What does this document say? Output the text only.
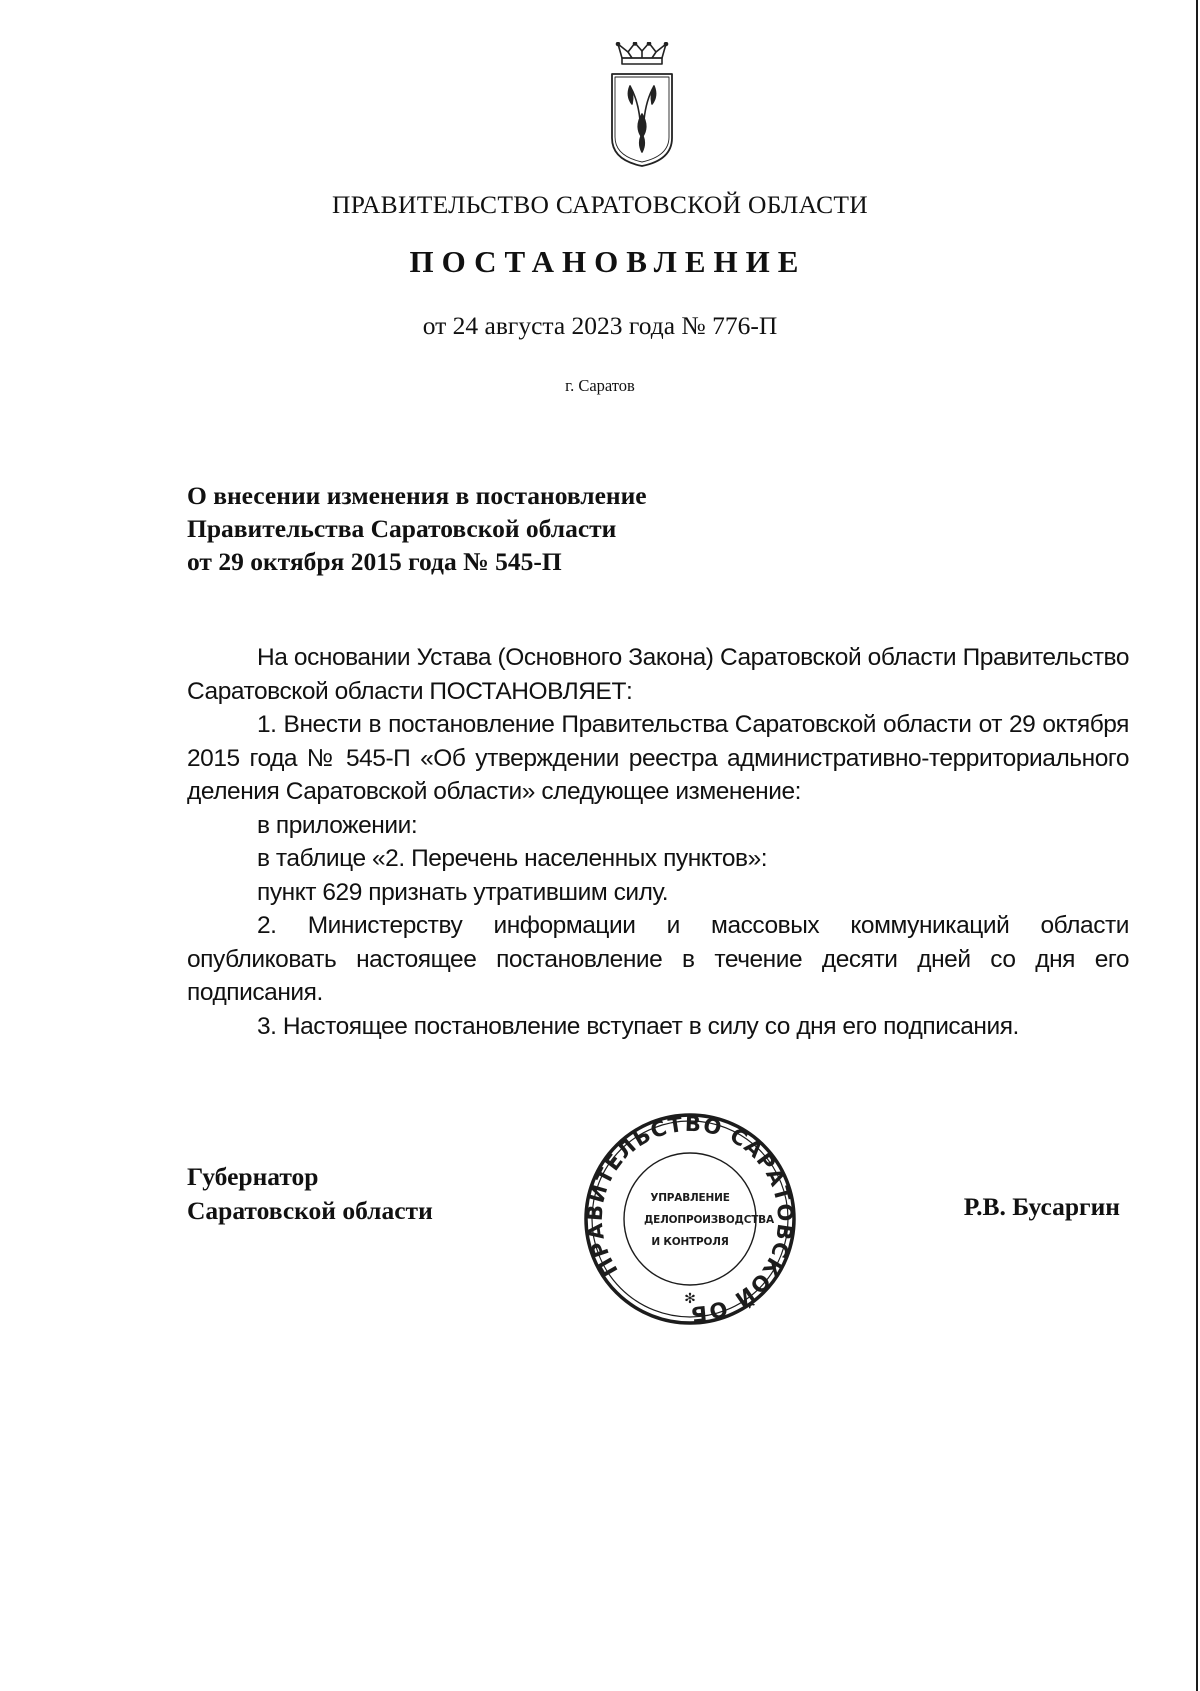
ПРАВИТЕЛЬСТВО САРАТОВСКОЙ ОБЛАСТИ
ПОСТАНОВЛЕНИЕ
от 24 августа 2023 года № 776-П
г. Саратов
О внесении изменения в постановление
Правительства Саратовской области
от 29 октября 2015 года № 545-П

На основании Устава (Основного Закона) Саратовской области Правительство Саратовской области ПОСТАНОВЛЯЕТ:

1. Внести в постановление Правительства Саратовской области от 29 октября 2015 года № 545-П «Об утверждении реестра административно-территориального деления Саратовской области» следующее изменение:

в приложении:

в таблице «2. Перечень населенных пунктов»:

пункт 629 признать утратившим силу.

2. Министерству информации и массовых коммуникаций области опубликовать настоящее постановление в течение десяти дней со дня его подписания.

3. Настоящее постановление вступает в силу со дня его подписания.

Губернатор
Саратовской области
ПРАВИТЕЛЬСТВО САРАТОВСКОЙ ОБ
✻
УПРАВЛЕНИЕ
ДЕЛОПРОИЗВОДСТВА
И КОНТРОЛЯ
Р.В. Бусаргин
